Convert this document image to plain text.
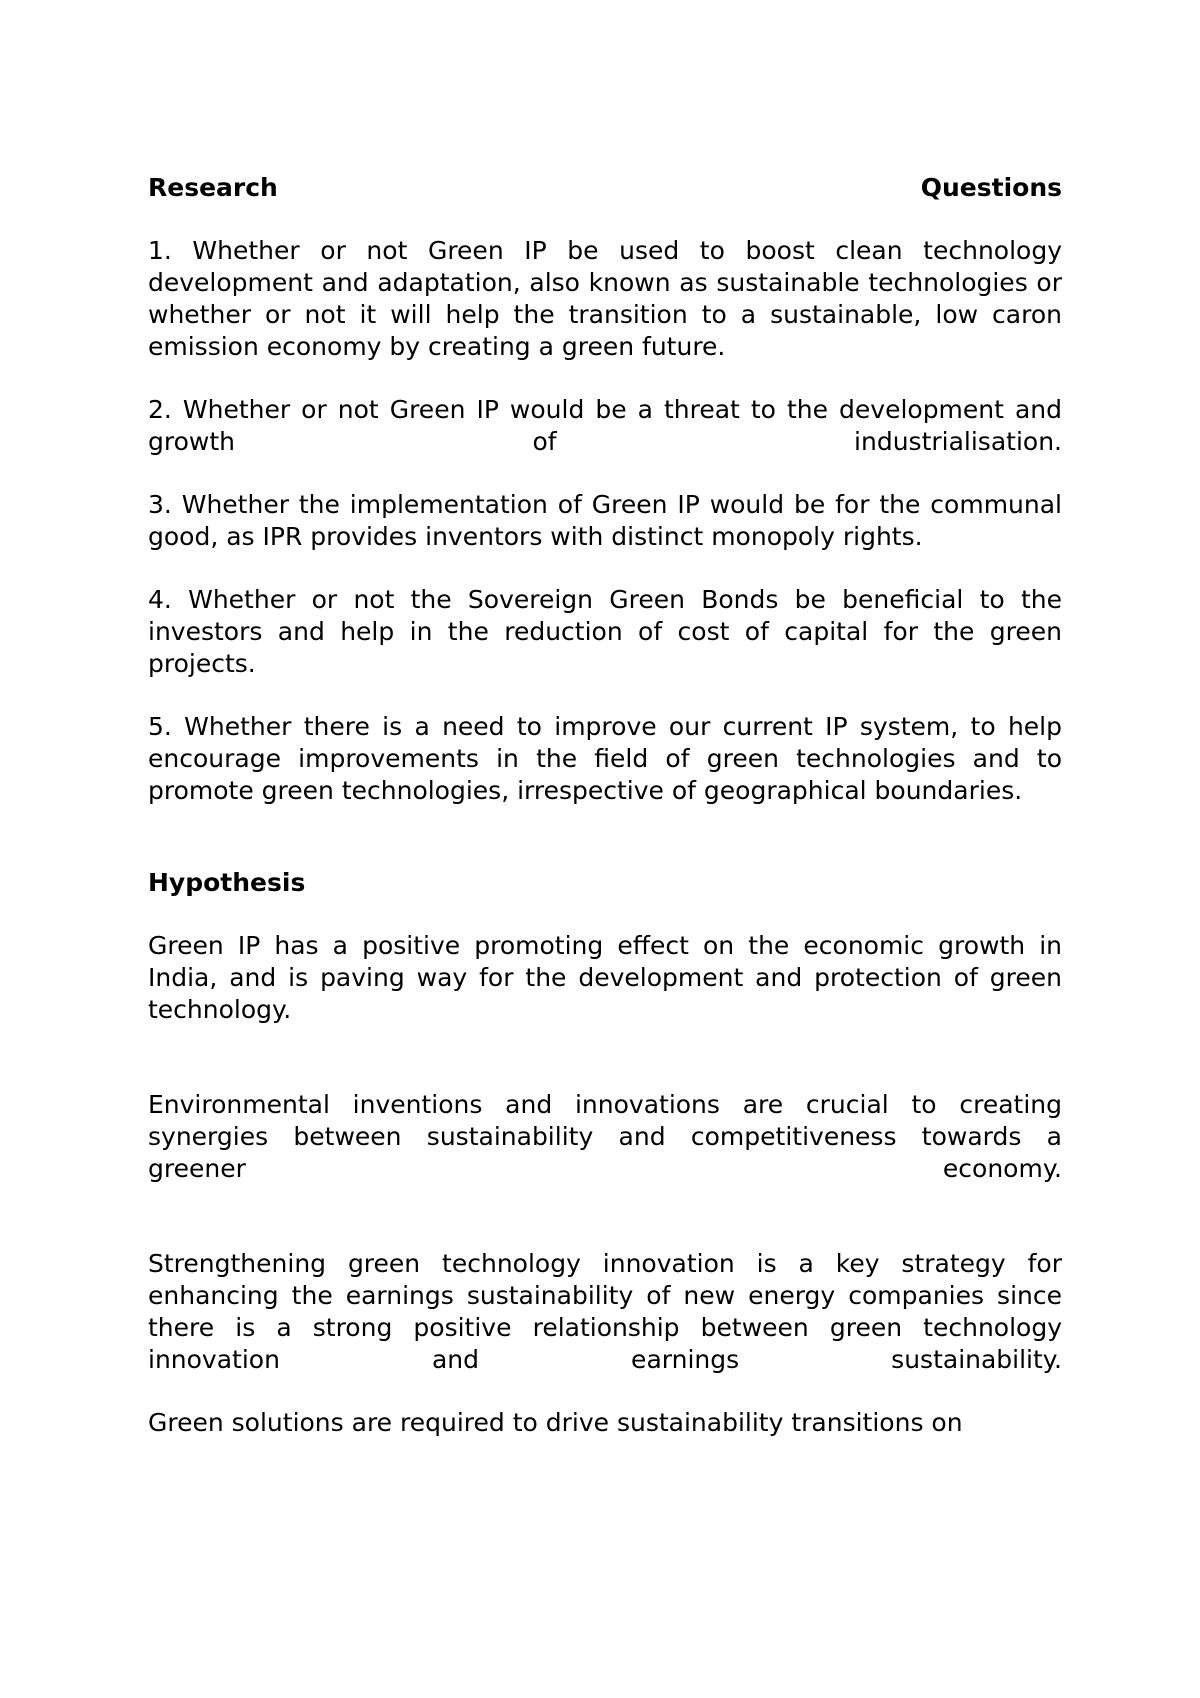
Research	Questions

1. Whether or not Green IP be used to boost clean technology development and adaptation, also known as sustainable technologies or whether or not it will help the transition to a sustainable, low caron emission economy by creating a green future.

2. Whether or not Green IP would be a threat to the development and growth of industrialisation.

3. Whether the implementation of Green IP would be for the communal good, as IPR provides inventors with distinct monopoly rights.

4. Whether or not the Sovereign Green Bonds be beneficial to the investors and help in the reduction of cost of capital for the green projects.

5. Whether there is a need to improve our current IP system, to help encourage improvements in the field of green technologies and to promote green technologies, irrespective of geographical boundaries.

Hypothesis

Green IP has a positive promoting effect on the economic growth in India, and is paving way for the development and protection of green technology.

Environmental inventions and innovations are crucial to creating synergies between sustainability and competitiveness towards a greener economy.

Strengthening green technology innovation is a key strategy for enhancing the earnings sustainability of new energy companies since there is a strong positive relationship between green technology innovation and earnings sustainability.

Green solutions are required to drive sustainability transitions on
